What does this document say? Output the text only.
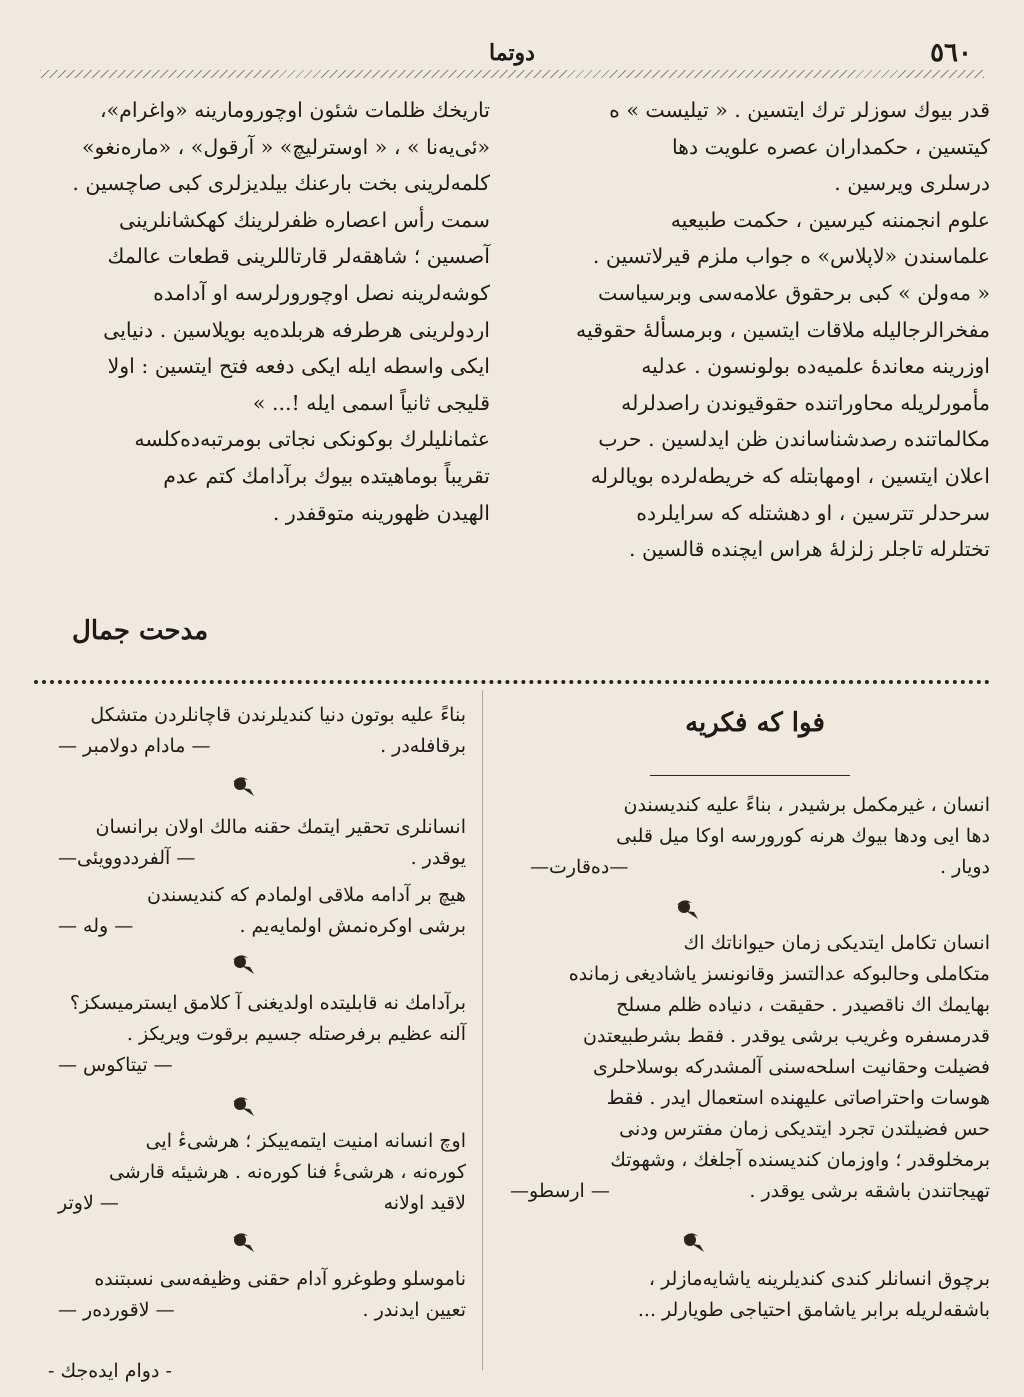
٥٦٠
دوتما

قدر بیوك سوزلر ترك ایتسین . « تیلیست » ه

کیتسین ، حکمداران عصره علویت دها

درسلری ویرسین .

علوم انجمننه کیرسین ، حکمت طبیعیه

علماسندن «لاپلاس» ه جواب ملزم قیرلاتسین .

« مه‌ولن » کبی برحقوق علامه‌سی وبرسیاست

مفخرالرجالیله ملاقات ایتسین ، وبرمسألهٔ حقوقیه

اوزرینه معاندهٔ علمیه‌ده بولونسون . عدلیه

مأمورلریله محاوراتنده حقوقیوندن راصدلرله

مکالماتنده رصدشناساندن ظن ایدلسین . حرب

اعلان ایتسین ، اومهابتله که خریطه‌لرده بویالرله

سرحدلر تترسین ، او دهشتله که سرایلرده

تختلرله تاجلر زلزلهٔ هراس ایچنده قالسین .

تاریخك ظلمات شئون اوچورومارینه «واغرام»،

«ئی‌یه‌نا » ، « اوسترلیچ» « آرقول» ، «ماره‌نغو»

کلمه‌لرینی بخت بارعنك بیلدیزلری کبی صاچسین .

سمت رأس اعصاره ظفرلرینك کهکشانلرینی

آصسین ؛ شاهقه‌لر قارتاللرینی قطعات عالمك

کوشه‌لرینه نصل اوچورورلرسه او آدامده

اردولرینی هرطرفه هربلده‌یه بویلاسین . دنیایی

ایکی واسطه ایله ایکی دفعه فتح ایتسین : اولا

قلیجی ثانیاً اسمی ایله !... »

عثمانلیلرك بوکونکی نجاتی بومرتبه‌ده‌کلسه

تقریباً بوماهیتده بیوك برآدامك کتم عدم

الهیدن ظهورینه متوقفدر .

مدحت جمال
فوا که فکریه
انسان ، غیرمکمل برشیدر ، بناءً علیه کندیسندن
دها ایی ودها بیوك هرنه کورورسه اوکا میل قلبی
دویار .
—دەقارت—
انسان تکامل ایتدیکی زمان حیواناتك اك
متکاملی وحالبوکه عدالتسز وقانونسز یاشادیغی زمانده
بهایمك اك ناقصیدر . حقیقت ، دنیاده ظلم مسلح
قدرمسفره وغریب برشی یوقدر . فقط بشرطبیعتدن
فضیلت وحقانیت اسلحه‌سنی آلمشدرکه بوسلاحلری
هوسات واحتراصاتی علیهنده استعمال ایدر . فقط
حس فضیلتدن تجرد ایتدیکی زمان مفترس ودنی
برمخلوقدر ؛ واوزمان کندیسنده آجلغك ، وشهوتك
تهیجاتندن باشقه برشی یوقدر .
— ارسطو—
برچوق انسانلر کندی کندیلرینه یاشایه‌مازلر ،
باشقه‌لریله برابر یاشامق احتیاجی طویارلر ...
بناءً علیه بوتون دنیا کندیلرندن قاچانلردن متشکل
برقافله‌در .
— مادام دولامبر —
انسانلری تحقیر ایتمك حقنه مالك اولان برانسان
یوقدر .
— آلفرددوویئی—
هیچ بر آدامه ملاقی اولمادم که کندیسندن
برشی اوکره‌نمش اولمایه‌یم .
— وله —
برآدامك نه قابلیتده اولدیغنی آ کلامق ایسترمیسکز؟
آلنه عظیم برفرصتله جسیم برقوت ویریکز .
— تیتاکوس —
اوچ انسانه امنیت ایتمه‌ییکز ؛ هرشیءٔ ایی
کوره‌نه ، هرشیءٔ فنا کوره‌نه . هرشیئه قارشی
لاقید اولانه
— لاوتر
ناموسلو وطوغرو آدام حقنی وظیفه‌سی نسبتنده
تعیین ایدندر .
— لاقوردەر —
- دوام ایده‌جك -
